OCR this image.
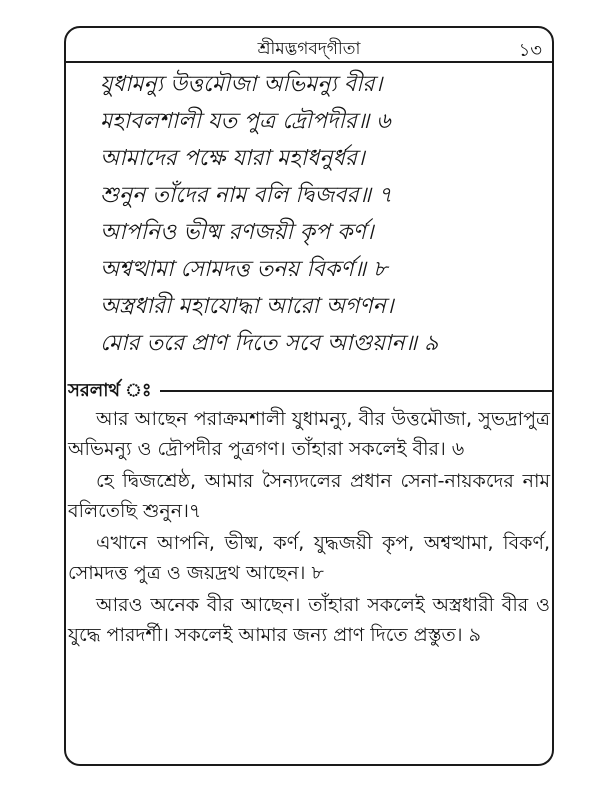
শ্রীমদ্ভগবদ্‌গীতা	১৩
যুধামন্যু উত্তমৌজা অভিমন্যু বীর।
মহাবলশালী যত পুত্র দ্রৌপদীর॥ ৬
আমাদের পক্ষে যারা মহাধনুর্ধর।
শুনুন তাঁদের নাম বলি দ্বিজবর॥ ৭
আপনিও ভীষ্ম রণজয়ী কৃপ কর্ণ।
অশ্বত্থামা সোমদত্ত তনয় বিকর্ণ॥ ৮
অস্ত্রধারী মহাযোদ্ধা আরো অগণন।
মোর তরে প্রাণ দিতে সবে আগুয়ান॥ ৯
সরলার্থ ঃ

আর আছেন পরাক্রমশালী যুধামন্যু, বীর উত্তমৌজা, সুভদ্রাপুত্র অভিমন্যু ও দ্রৌপদীর পুত্রগণ। তাঁহারা সকলেই বীর। ৬

হে দ্বিজশ্রেষ্ঠ, আমার সৈন্যদলের প্রধান সেনা-নায়কদের নাম বলিতেছি শুনুন।৭

এখানে আপনি, ভীষ্ম, কর্ণ, যুদ্ধজয়ী কৃপ, অশ্বত্থামা, বিকর্ণ, সোমদত্ত পুত্র ও জয়দ্রথ আছেন। ৮

আরও অনেক বীর আছেন। তাঁহারা সকলেই অস্ত্রধারী বীর ও যুদ্ধে পারদর্শী। সকলেই আমার জন্য প্রাণ দিতে প্রস্তুত। ৯
